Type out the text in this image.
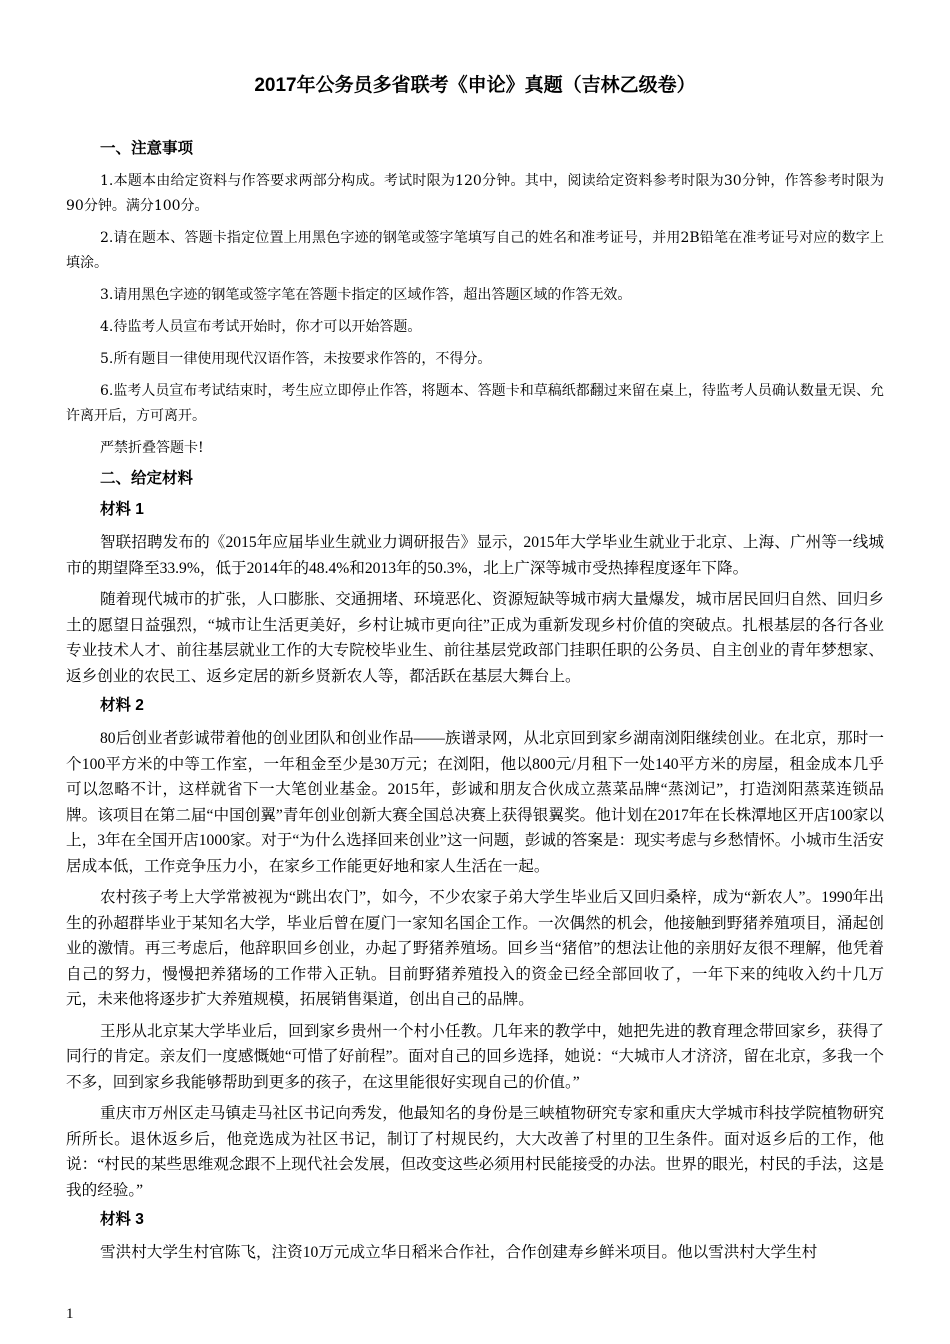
2017年公务员多省联考《申论》真题（吉林乙级卷）
一、注意事项

1.本题本由给定资料与作答要求两部分构成。考试时限为120分钟。其中，阅读给定资料参考时限为30分钟，作答参考时限为90分钟。满分100分。

2.请在题本、答题卡指定位置上用黑色字迹的钢笔或签字笔填写自己的姓名和准考证号，并用2B铅笔在准考证号对应的数字上填涂。

3.请用黑色字迹的钢笔或签字笔在答题卡指定的区域作答，超出答题区域的作答无效。

4.待监考人员宣布考试开始时，你才可以开始答题。

5.所有题目一律使用现代汉语作答，未按要求作答的，不得分。

6.监考人员宣布考试结束时，考生应立即停止作答，将题本、答题卡和草稿纸都翻过来留在桌上，待监考人员确认数量无误、允许离开后，方可离开。

严禁折叠答题卡!

二、给定材料
材料 1

智联招聘发布的《2015年应届毕业生就业力调研报告》显示，2015年大学毕业生就业于北京、上海、广州等一线城市的期望降至33.9%，低于2014年的48.4%和2013年的50.3%，北上广深等城市受热捧程度逐年下降。

随着现代城市的扩张，人口膨胀、交通拥堵、环境恶化、资源短缺等城市病大量爆发，城市居民回归自然、回归乡土的愿望日益强烈，“城市让生活更美好，乡村让城市更向往”正成为重新发现乡村价值的突破点。扎根基层的各行各业专业技术人才、前往基层就业工作的大专院校毕业生、前往基层党政部门挂职任职的公务员、自主创业的青年梦想家、返乡创业的农民工、返乡定居的新乡贤新农人等，都活跃在基层大舞台上。

材料 2

80后创业者彭诚带着他的创业团队和创业作品——族谱录网，从北京回到家乡湖南浏阳继续创业。在北京，那时一个100平方米的中等工作室，一年租金至少是30万元；在浏阳，他以800元/月租下一处140平方米的房屋，租金成本几乎可以忽略不计，这样就省下一大笔创业基金。2015年，彭诚和朋友合伙成立蒸菜品牌“蒸浏记”，打造浏阳蒸菜连锁品牌。该项目在第二届“中国创翼”青年创业创新大赛全国总决赛上获得银翼奖。他计划在2017年在长株潭地区开店100家以上，3年在全国开店1000家。对于“为什么选择回来创业”这一问题，彭诚的答案是：现实考虑与乡愁情怀。小城市生活安居成本低，工作竞争压力小，在家乡工作能更好地和家人生活在一起。

农村孩子考上大学常被视为“跳出农门”，如今，不少农家子弟大学生毕业后又回归桑梓，成为“新农人”。1990年出生的孙超群毕业于某知名大学，毕业后曾在厦门一家知名国企工作。一次偶然的机会，他接触到野猪养殖项目，涌起创业的激情。再三考虑后，他辞职回乡创业，办起了野猪养殖场。回乡当“猪倌”的想法让他的亲朋好友很不理解，他凭着自己的努力，慢慢把养猪场的工作带入正轨。目前野猪养殖投入的资金已经全部回收了，一年下来的纯收入约十几万元，未来他将逐步扩大养殖规模，拓展销售渠道，创出自己的品牌。

王彤从北京某大学毕业后，回到家乡贵州一个村小任教。几年来的教学中，她把先进的教育理念带回家乡，获得了同行的肯定。亲友们一度感慨她“可惜了好前程”。面对自己的回乡选择，她说：“大城市人才济济，留在北京，多我一个不多，回到家乡我能够帮助到更多的孩子，在这里能很好实现自己的价值。”

重庆市万州区走马镇走马社区书记向秀发，他最知名的身份是三峡植物研究专家和重庆大学城市科技学院植物研究所所长。退休返乡后，他竞选成为社区书记，制订了村规民约，大大改善了村里的卫生条件。面对返乡后的工作，他说：“村民的某些思维观念跟不上现代社会发展，但改变这些必须用村民能接受的办法。世界的眼光，村民的手法，这是我的经验。”

材料 3

雪洪村大学生村官陈飞，注资10万元成立华日稻米合作社，合作创建寿乡鲜米项目。他以雪洪村大学生村

1
